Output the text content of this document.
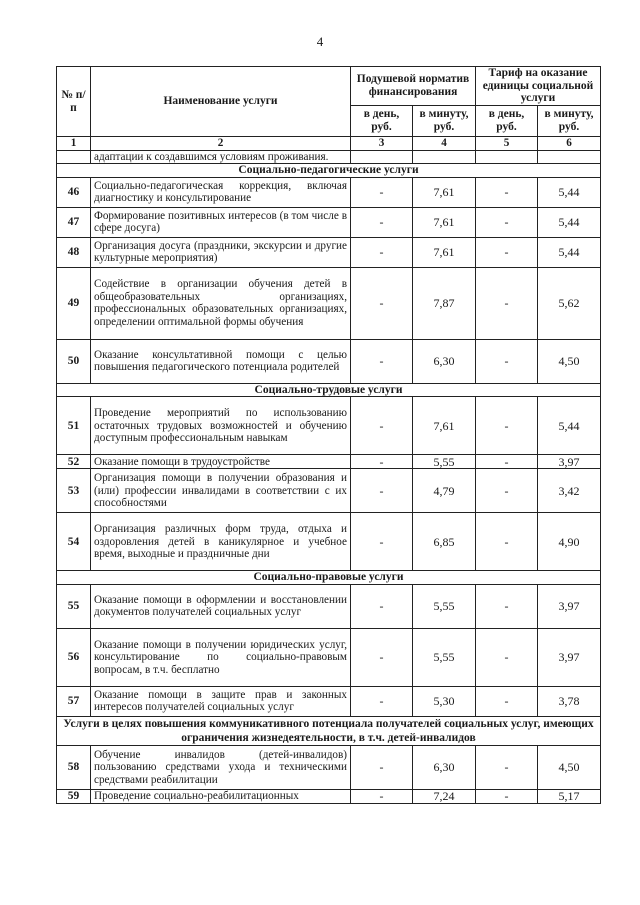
4
№ п/п	Наименование услуги	Подушевой норматив финансирования		Тариф на оказание единицы социальной услуги	
		в день, руб.	в минуту, руб.	в день, руб.	в минуту, руб.
1	2	3	4	5	6
	адаптации к создавшимся условиям проживания.				
Социально-педагогические услуги					
46	Социально-педагогическая коррекция, включая диагностику и консультирование	-	7,61	-	5,44
47	Формирование позитивных интересов (в том числе в сфере досуга)	-	7,61	-	5,44
48	Организация досуга (праздники, экскурсии и другие культурные мероприятия)	-	7,61	-	5,44
49	Содействие в организации обучения детей в общеобразовательных организациях, профессиональных образовательных организациях, определении оптимальной формы обучения	-	7,87	-	5,62
50	Оказание консультативной помощи с целью повышения педагогического потенциала родителей	-	6,30	-	4,50
Социально-трудовые услуги					
51	Проведение мероприятий по использованию остаточных трудовых возможностей и обучению доступным профессиональным навыкам	-	7,61	-	5,44
52	Оказание помощи в трудоустройстве	-	5,55	-	3,97
53	Организация помощи в получении образования и (или) профессии инвалидами в соответствии с их способностями	-	4,79	-	3,42
54	Организация различных форм труда, отдыха и оздоровления детей в каникулярное и учебное время, выходные и праздничные дни	-	6,85	-	4,90
Социально-правовые услуги					
55	Оказание помощи в оформлении и восстановлении документов получателей социальных услуг	-	5,55	-	3,97
56	Оказание помощи в получении юридических услуг, консультирование по социально-правовым вопросам, в т.ч. бесплатно	-	5,55	-	3,97
57	Оказание помощи в защите прав и законных интересов получателей социальных услуг	-	5,30	-	3,78
Услуги в целях повышения коммуникативного потенциала получателей социальных услуг, имеющих ограничения жизнедеятельности, в т.ч. детей-инвалидов					
58	Обучение инвалидов (детей-инвалидов) пользованию средствами ухода и техническими средствами реабилитации	-	6,30	-	4,50
59	Проведение социально-реабилитационных	-	7,24	-	5,17
